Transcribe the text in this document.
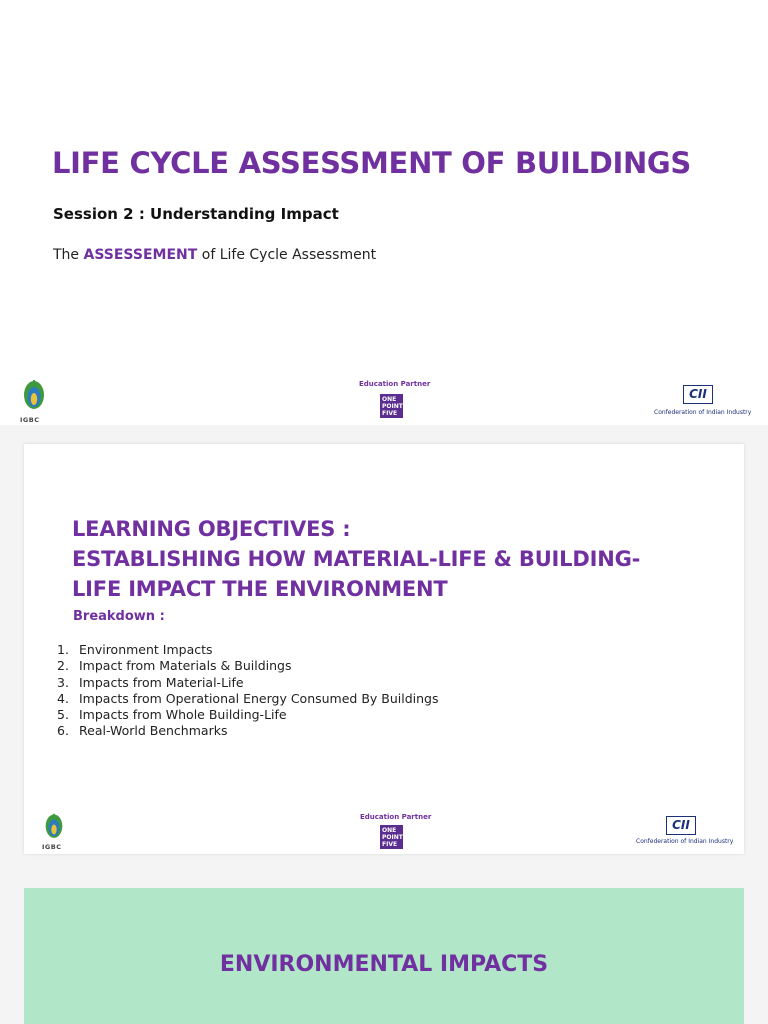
LIFE CYCLE ASSESSMENT OF BUILDINGS
Session 2 : Understanding Impact
The ASSESSEMENT of Life Cycle Assessment
IGBC
Education Partner
ONE
POINT
FIVE
CII
Confederation of Indian Industry
LEARNING OBJECTIVES :
ESTABLISHING HOW MATERIAL-LIFE & BUILDING-
LIFE IMPACT THE ENVIRONMENT
Breakdown :
1. Environment Impacts
2. Impact from Materials & Buildings
3. Impacts from Material-Life
4. Impacts from Operational Energy Consumed By Buildings
5. Impacts from Whole Building-Life
6. Real-World Benchmarks
IGBC
Education Partner
ONE
POINT
FIVE
CII
Confederation of Indian Industry
ENVIRONMENTAL IMPACTS
